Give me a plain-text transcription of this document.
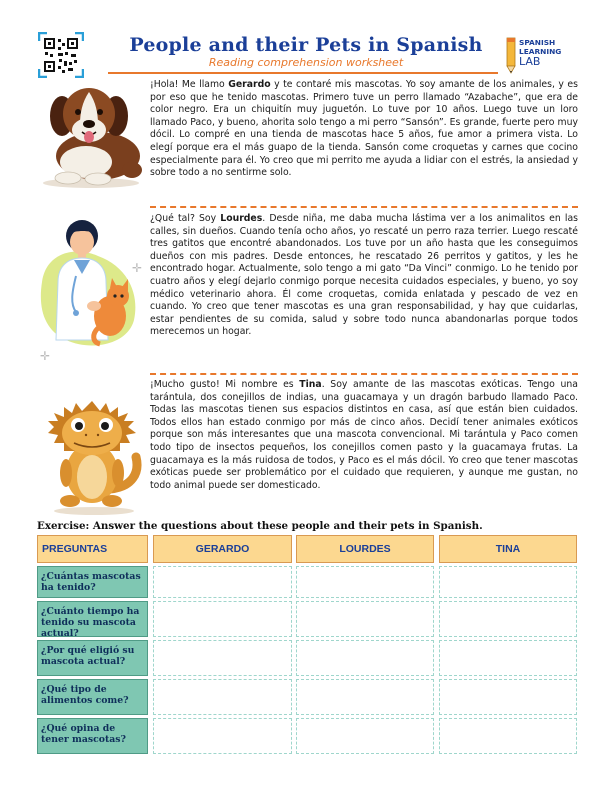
People and their Pets in Spanish
Reading comprehension worksheet
SPANISH
LEARNING
LAB

¡Hola! Me llamo Gerardo y te contaré mis mascotas. Yo soy amante de los animales, y es por eso que he tenido mascotas. Primero tuve un perro llamado “Azabache”, que era de color negro. Era un chiquitín muy juguetón. Lo tuve por 10 años. Luego tuve un loro llamado Paco, y bueno, ahorita solo tengo a mi perro “Sansón”. Es grande, fuerte pero muy dócil. Lo compré en una tienda de mascotas hace 5 años, fue amor a primera vista. Lo elegí porque era el más guapo de la tienda. Sansón come croquetas y carnes que cocino especialmente para él. Yo creo que mi perrito me ayuda a lidiar con el estrés, la ansiedad y sobre todo a no sentirme solo.

✛
✛

¿Qué tal? Soy Lourdes. Desde niña, me daba mucha lástima ver a los animalitos en las calles, sin dueños. Cuando tenía ocho años, yo rescaté un perro raza terrier. Luego rescaté tres gatitos que encontré abandonados. Los tuve por un año hasta que les conseguimos dueños con mis padres. Desde entonces, he rescatado 26 perritos y gatitos, y les he encontrado hogar. Actualmente, solo tengo a mi gato “Da Vinci” conmigo. Lo he tenido por cuatro años y elegí dejarlo conmigo porque necesita cuidados especiales, y bueno, yo soy médico veterinario ahora. Él come croquetas, comida enlatada y pescado de vez en cuando. Yo creo que tener mascotas es una gran responsabilidad, y hay que cuidarlas, estar pendientes de su comida, salud y sobre todo nunca abandonarlas porque todos merecemos un hogar.

¡Mucho gusto! Mi nombre es Tina. Soy amante de las mascotas exóticas. Tengo una tarántula, dos conejillos de indias, una guacamaya y un dragón barbudo llamado Paco. Todas las mascotas tienen sus espacios distintos en casa, así que están bien cuidados. Todos ellos han estado conmigo por más de cinco años. Decidí tener animales exóticos porque son más interesantes que una mascota convencional. Mi tarántula y Paco comen todo tipo de insectos pequeños, los conejillos comen pasto y la guacamaya frutas. La guacamaya es la más ruidosa de todos, y Paco es el más dócil. Yo creo que tener mascotas exóticas puede ser problemático por el cuidado que requieren, y aunque me gustan, no todo animal puede ser domesticado.

Exercise: Answer the questions about these people and their pets in Spanish.
PREGUNTAS	GERARDO	LOURDES	TINA
¿Cuántas mascotas ha tenido?
¿Cuánto tiempo ha tenido su mascota actual?
¿Por qué eligió su mascota actual?
¿Qué tipo de alimentos come?
¿Qué opina de tener mascotas?
